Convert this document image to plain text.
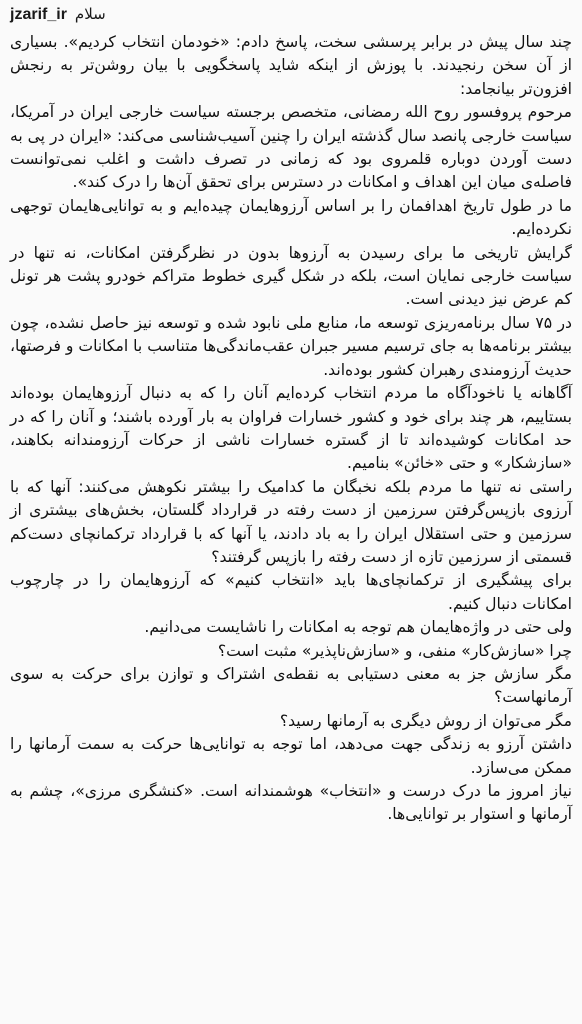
jzarif_ir سلام

چند سال پیش در برابر پرسشی سخت، پاسخ دادم: «خودمان انتخاب کردیم». بسیاری از آن سخن رنجیدند. با پوزش از اینکه شاید پاسخگویی با بیان روشن‌تر به رنجش افزون‌تر بیانجامد:

مرحوم پروفسور روح الله رمضانی، متخصص برجسته سیاست خارجی ایران در آمریکا، سیاست خارجی پانصد سال گذشته ایران را چنین آسیب‌شناسی می‌کند: «ایران در پی به دست آوردن دوباره قلمروی بود که زمانی در تصرف داشت و اغلب نمی‌توانست فاصله‌ی میان این اهداف و امکانات در دسترس برای تحقق آن‌ها را درک کند».

ما در طول تاریخ اهدافمان را بر اساس آرزوهایمان چیده‌ایم و به توانایی‌هایمان توجهی نکرده‌ایم.

گرایش تاریخی ما برای رسیدن به آرزوها بدون در نظرگرفتن امکانات، نه تنها در سیاست خارجی نمایان است، بلکه در شکل گیری خطوط متراکم خودرو پشت هر تونل کم عرض نیز دیدنی است.

در ۷۵ سال برنامه‌ریزی توسعه ما، منابع ملی نابود شده و توسعه نیز حاصل نشده، چون بیشتر برنامه‌ها به جای ترسیم مسیر جبران عقب‌ماندگی‌ها متناسب با امکانات و فرصتها، حدیث آرزومندی رهبران کشور بوده‌اند.

آگاهانه یا ناخودآگاه ما مردم انتخاب کرده‌ایم آنان را که به دنبال آرزوهایمان بوده‌اند بستاییم، هر چند برای خود و کشور خسارات فراوان به بار آورده باشند؛ و آنان را که در حد امکانات کوشیده‌اند تا از گستره خسارات ناشی از حرکات آرزومندانه بکاهند، «سازشکار» و حتی «خائن» بنامیم.

راستی نه تنها ما مردم بلکه نخبگان ما کدامیک را بیشتر نکوهش می‌کنند: آنها که با آرزوی بازپس‌گرفتن سرزمین از دست رفته در قرارداد گلستان، بخش‌های بیشتری از سرزمین و حتی استقلال ایران را به باد دادند، یا آنها که با قرارداد ترکمانچای دست‌کم قسمتی از سرزمین تازه از دست رفته را بازپس گرفتند؟

برای پیشگیری از ترکمانچای‌ها باید «انتخاب کنیم» که آرزوهایمان را در چارچوب امکانات دنبال کنیم.

ولی حتی در واژه‌هایمان هم توجه به امکانات را ناشایست می‌دانیم.

چرا «سازش‌کار» منفی، و «سازش‌ناپذیر» مثبت است؟

مگر سازش جز به معنی دستیابی به نقطه‌ی اشتراک و توازن برای حرکت به سوی آرمانهاست؟

مگر می‌توان از روش دیگری به آرمانها رسید؟

داشتن آرزو به زندگی جهت می‌دهد، اما توجه به توانایی‌ها حرکت به سمت آرمانها را ممکن می‌سازد.

نیاز امروز ما درک درست و «انتخاب» هوشمندانه است. «کنشگری مرزی»، چشم به آرمانها و استوار بر توانایی‌ها.
